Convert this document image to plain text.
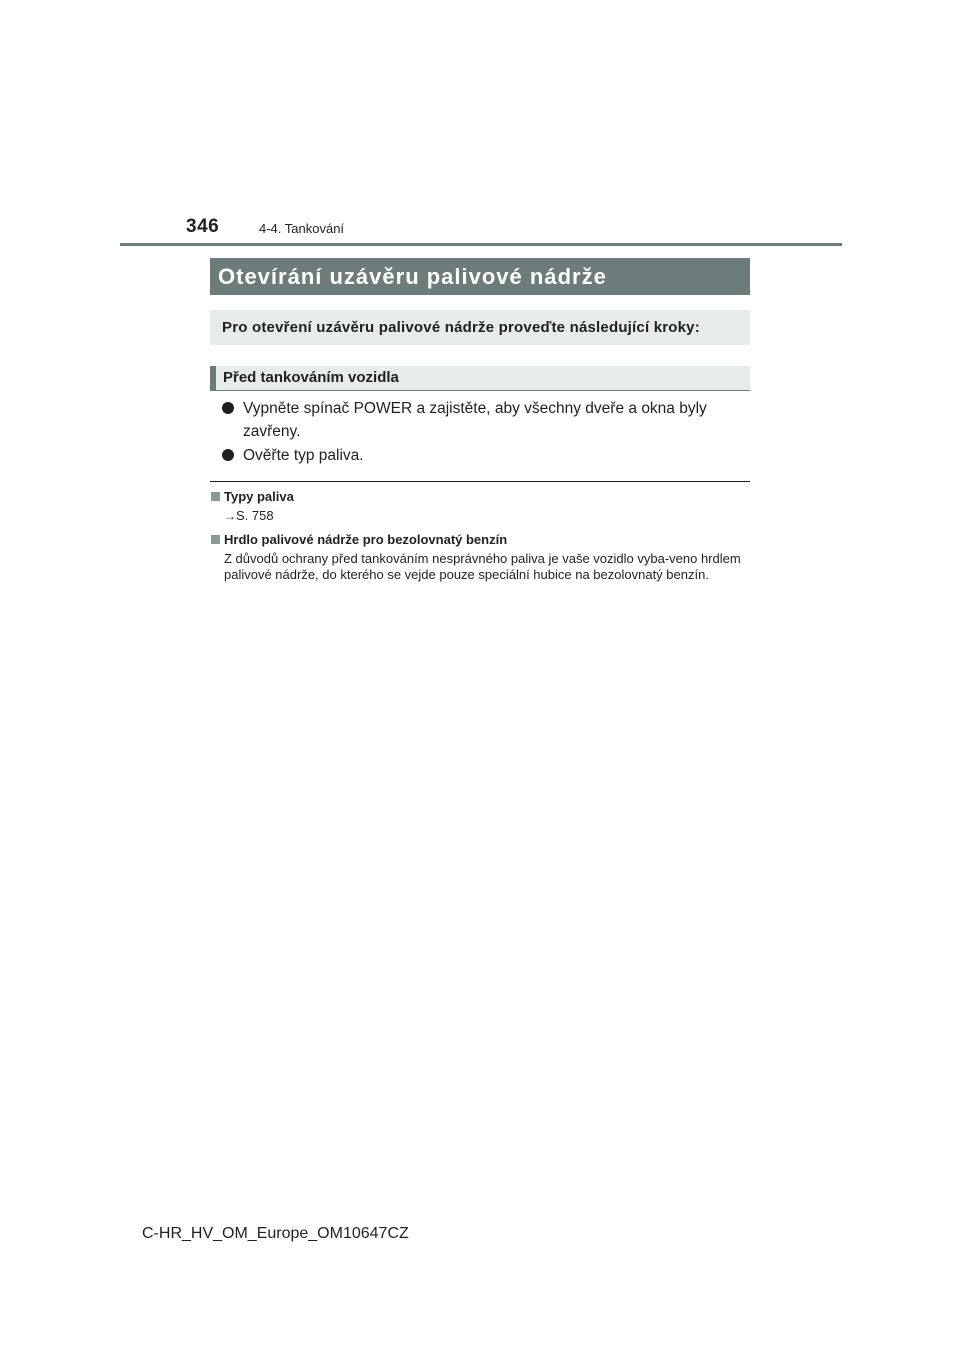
346	4-4. Tankování
Otevírání uzávěru palivové nádrže
Pro otevření uzávěru palivové nádrže proveďte následující kroky:
Před tankováním vozidla
Vypněte spínač POWER a zajistěte, aby všechny dveře a okna byly zavřeny.
Ověřte typ paliva.
Typy paliva
→S. 758
Hrdlo palivové nádrže pro bezolovnatý benzín
Z důvodů ochrany před tankováním nesprávného paliva je vaše vozidlo vyba-veno hrdlem palivové nádrže, do kterého se vejde pouze speciální hubice na bezolovnatý benzín.
C-HR_HV_OM_Europe_OM10647CZ
